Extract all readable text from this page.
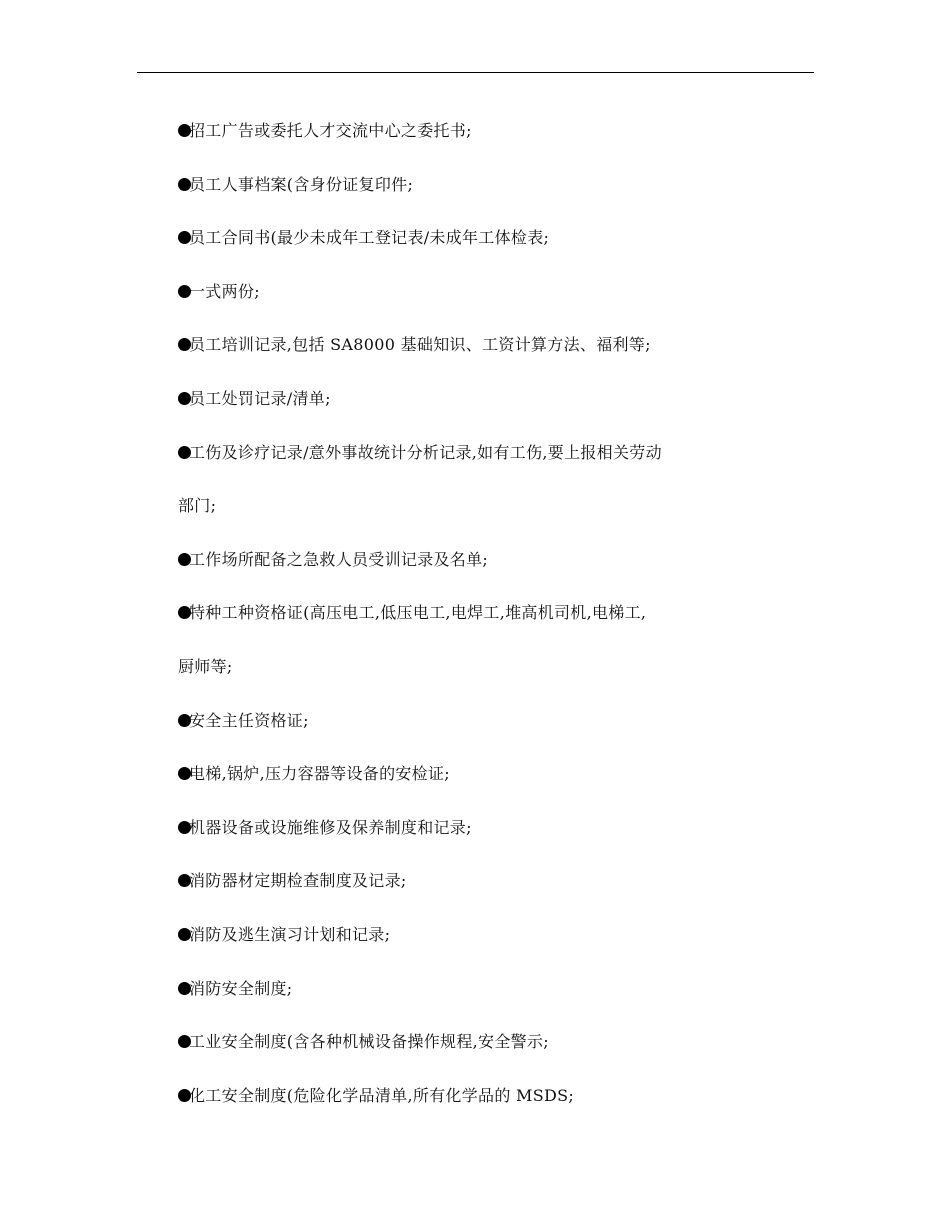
招工广告或委托人才交流中心之委托书;
员工人事档案(含身份证复印件;
员工合同书(最少未成年工登记表/未成年工体检表;
一式两份;
员工培训记录,包括 SA8000 基础知识、工资计算方法、福利等;
员工处罚记录/清单;
工伤及诊疗记录/意外事故统计分析记录,如有工伤,要上报相关劳动
部门;
工作场所配备之急救人员受训记录及名单;
特种工种资格证(高压电工,低压电工,电焊工,堆高机司机,电梯工,
厨师等;
安全主任资格证;
电梯,锅炉,压力容器等设备的安检证;
机器设备或设施维修及保养制度和记录;
消防器材定期检查制度及记录;
消防及逃生演习计划和记录;
消防安全制度;
工业安全制度(含各种机械设备操作规程,安全警示;
化工安全制度(危险化学品清单,所有化学品的 MSDS;
